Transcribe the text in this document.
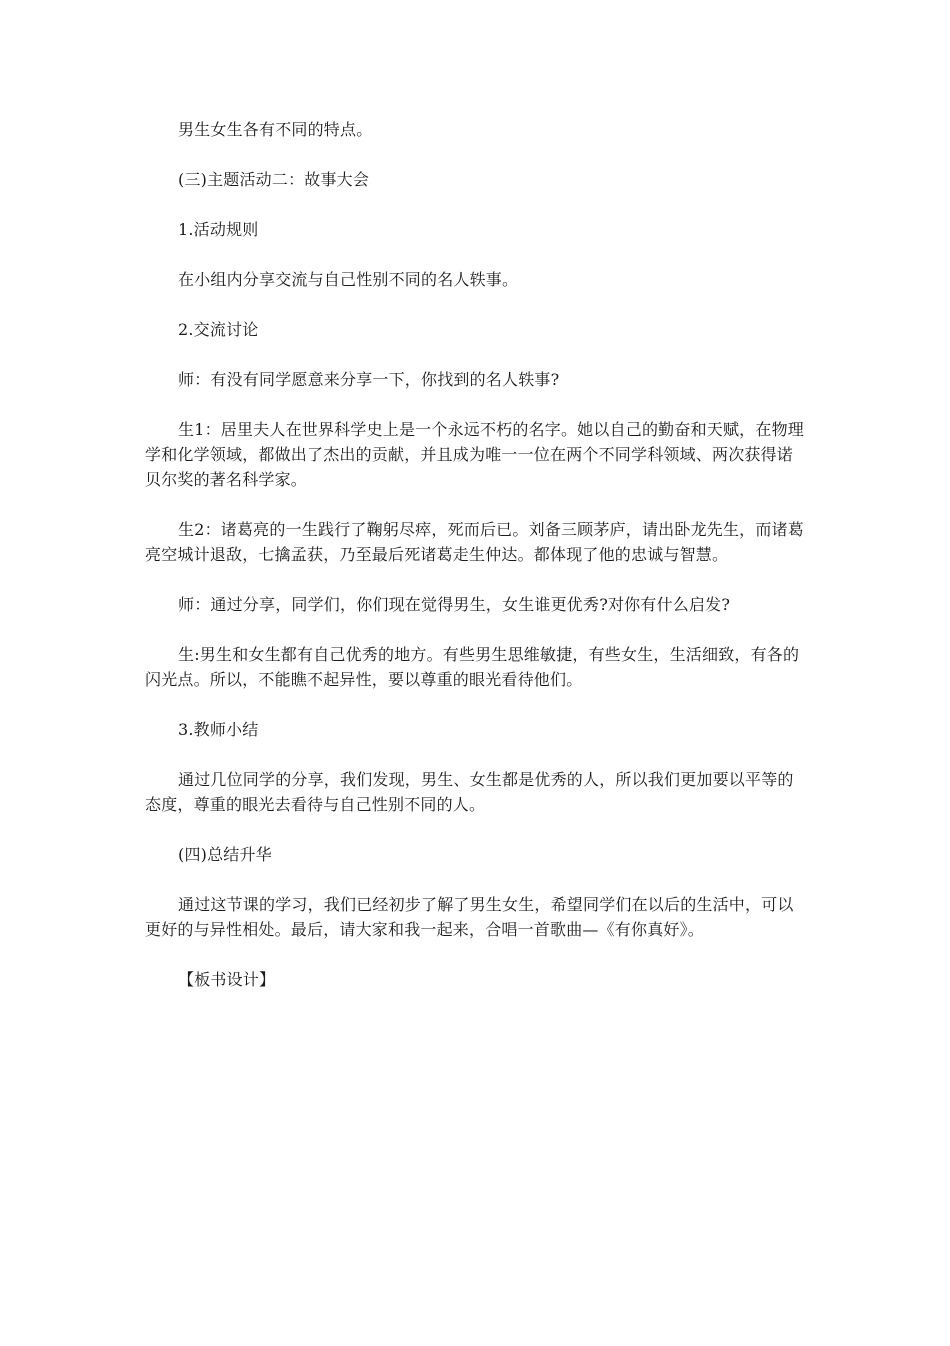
男生女生各有不同的特点。

(三)主题活动二：故事大会

1.活动规则

在小组内分享交流与自己性别不同的名人轶事。

2.交流讨论

师：有没有同学愿意来分享一下，你找到的名人轶事?

生1：居里夫人在世界科学史上是一个永远不朽的名字。她以自己的勤奋和天赋，在物理学和化学领域，都做出了杰出的贡献，并且成为唯一一位在两个不同学科领域、两次获得诺贝尔奖的著名科学家。

生2：诸葛亮的一生践行了鞠躬尽瘁，死而后已。刘备三顾茅庐，请出卧龙先生，而诸葛亮空城计退敌，七擒孟获，乃至最后死诸葛走生仲达。都体现了他的忠诚与智慧。

师：通过分享，同学们，你们现在觉得男生，女生谁更优秀?对你有什么启发?

生:男生和女生都有自己优秀的地方。有些男生思维敏捷，有些女生，生活细致，有各的闪光点。所以，不能瞧不起异性，要以尊重的眼光看待他们。

3.教师小结

通过几位同学的分享，我们发现，男生、女生都是优秀的人，所以我们更加要以平等的态度，尊重的眼光去看待与自己性别不同的人。

(四)总结升华

通过这节课的学习，我们已经初步了解了男生女生，希望同学们在以后的生活中，可以更好的与异性相处。最后，请大家和我一起来，合唱一首歌曲—《有你真好》。

【板书设计】
